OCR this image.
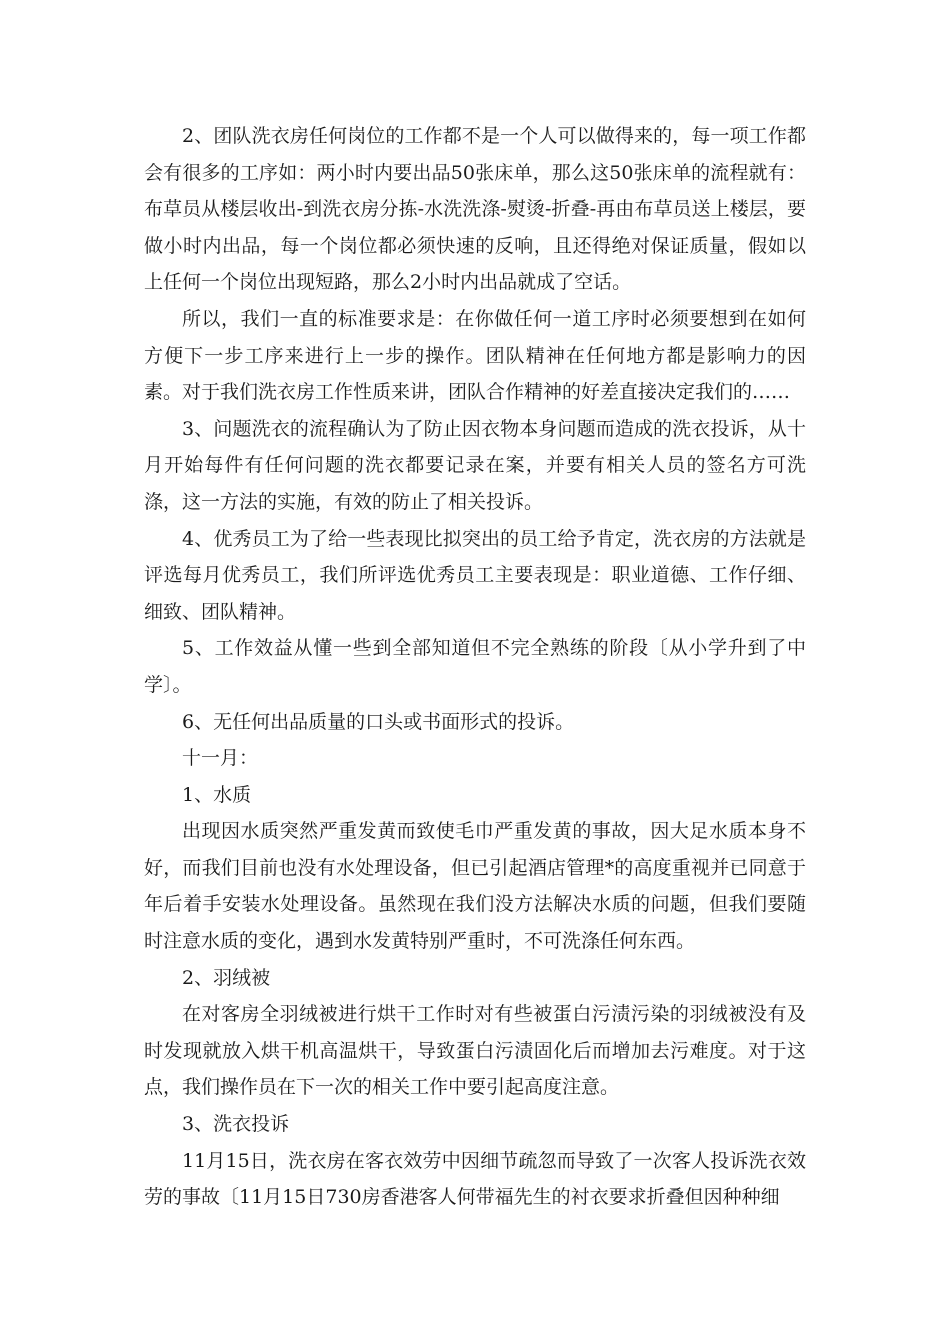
2、团队洗衣房任何岗位的工作都不是一个人可以做得来的，每一项工作都会有很多的工序如：两小时内要出品50张床单，那么这50张床单的流程就有：布草员从楼层收出-到洗衣房分拣-水洗洗涤-熨烫-折叠-再由布草员送上楼层，要做小时内出品，每一个岗位都必须快速的反响，且还得绝对保证质量，假如以上任何一个岗位出现短路，那么2小时内出品就成了空话。

所以，我们一直的标准要求是：在你做任何一道工序时必须要想到在如何方便下一步工序来进行上一步的操作。团队精神在任何地方都是影响力的因素。对于我们洗衣房工作性质来讲，团队合作精神的好差直接决定我们的……

3、问题洗衣的流程确认为了防止因衣物本身问题而造成的洗衣投诉，从十月开始每件有任何问题的洗衣都要记录在案，并要有相关人员的签名方可洗涤，这一方法的实施，有效的防止了相关投诉。

4、优秀员工为了给一些表现比拟突出的员工给予肯定，洗衣房的方法就是评选每月优秀员工，我们所评选优秀员工主要表现是：职业道德、工作仔细、细致、团队精神。

5、工作效益从懂一些到全部知道但不完全熟练的阶段〔从小学升到了中学〕。

6、无任何出品质量的口头或书面形式的投诉。

十一月：

1、水质

出现因水质突然严重发黄而致使毛巾严重发黄的事故，因大足水质本身不好，而我们目前也没有水处理设备，但已引起酒店管理*的高度重视并已同意于年后着手安装水处理设备。虽然现在我们没方法解决水质的问题，但我们要随时注意水质的变化，遇到水发黄特别严重时，不可洗涤任何东西。

2、羽绒被

在对客房全羽绒被进行烘干工作时对有些被蛋白污渍污染的羽绒被没有及时发现就放入烘干机高温烘干，导致蛋白污渍固化后而增加去污难度。对于这点，我们操作员在下一次的相关工作中要引起高度注意。

3、洗衣投诉

11月15日，洗衣房在客衣效劳中因细节疏忽而导致了一次客人投诉洗衣效劳的事故〔11月15日730房香港客人何带福先生的衬衣要求折叠但因种种细
